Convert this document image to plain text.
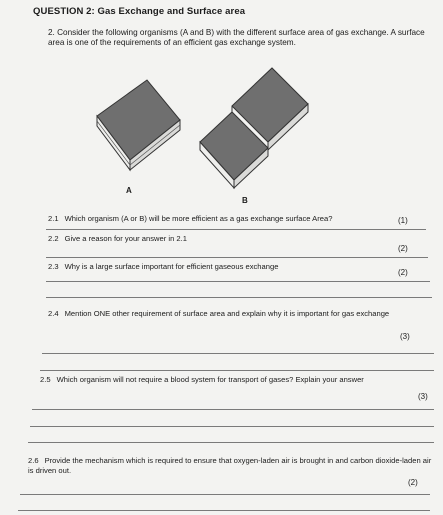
QUESTION 2: Gas Exchange and Surface area
2. Consider the following organisms (A and B) with the different surface area of gas exchange. A surface area is one of the requirements of an efficient gas exchange system.
A
B
2.1 Which organism (A or B) will be more efficient as a gas exchange surface Area?	(1)
2.2 Give a reason for your answer in 2.1
(2)
2.3 Why is a large surface important for efficient gaseous exchange
(2)
2.4 Mention ONE other requirement of surface area and explain why it is important for gas exchange
(3)
2.5 Which organism will not require a blood system for transport of gases? Explain your answer
(3)
2.6 Provide the mechanism which is required to ensure that oxygen-laden air is brought in and carbon dioxide-laden air is driven out.
(2)
